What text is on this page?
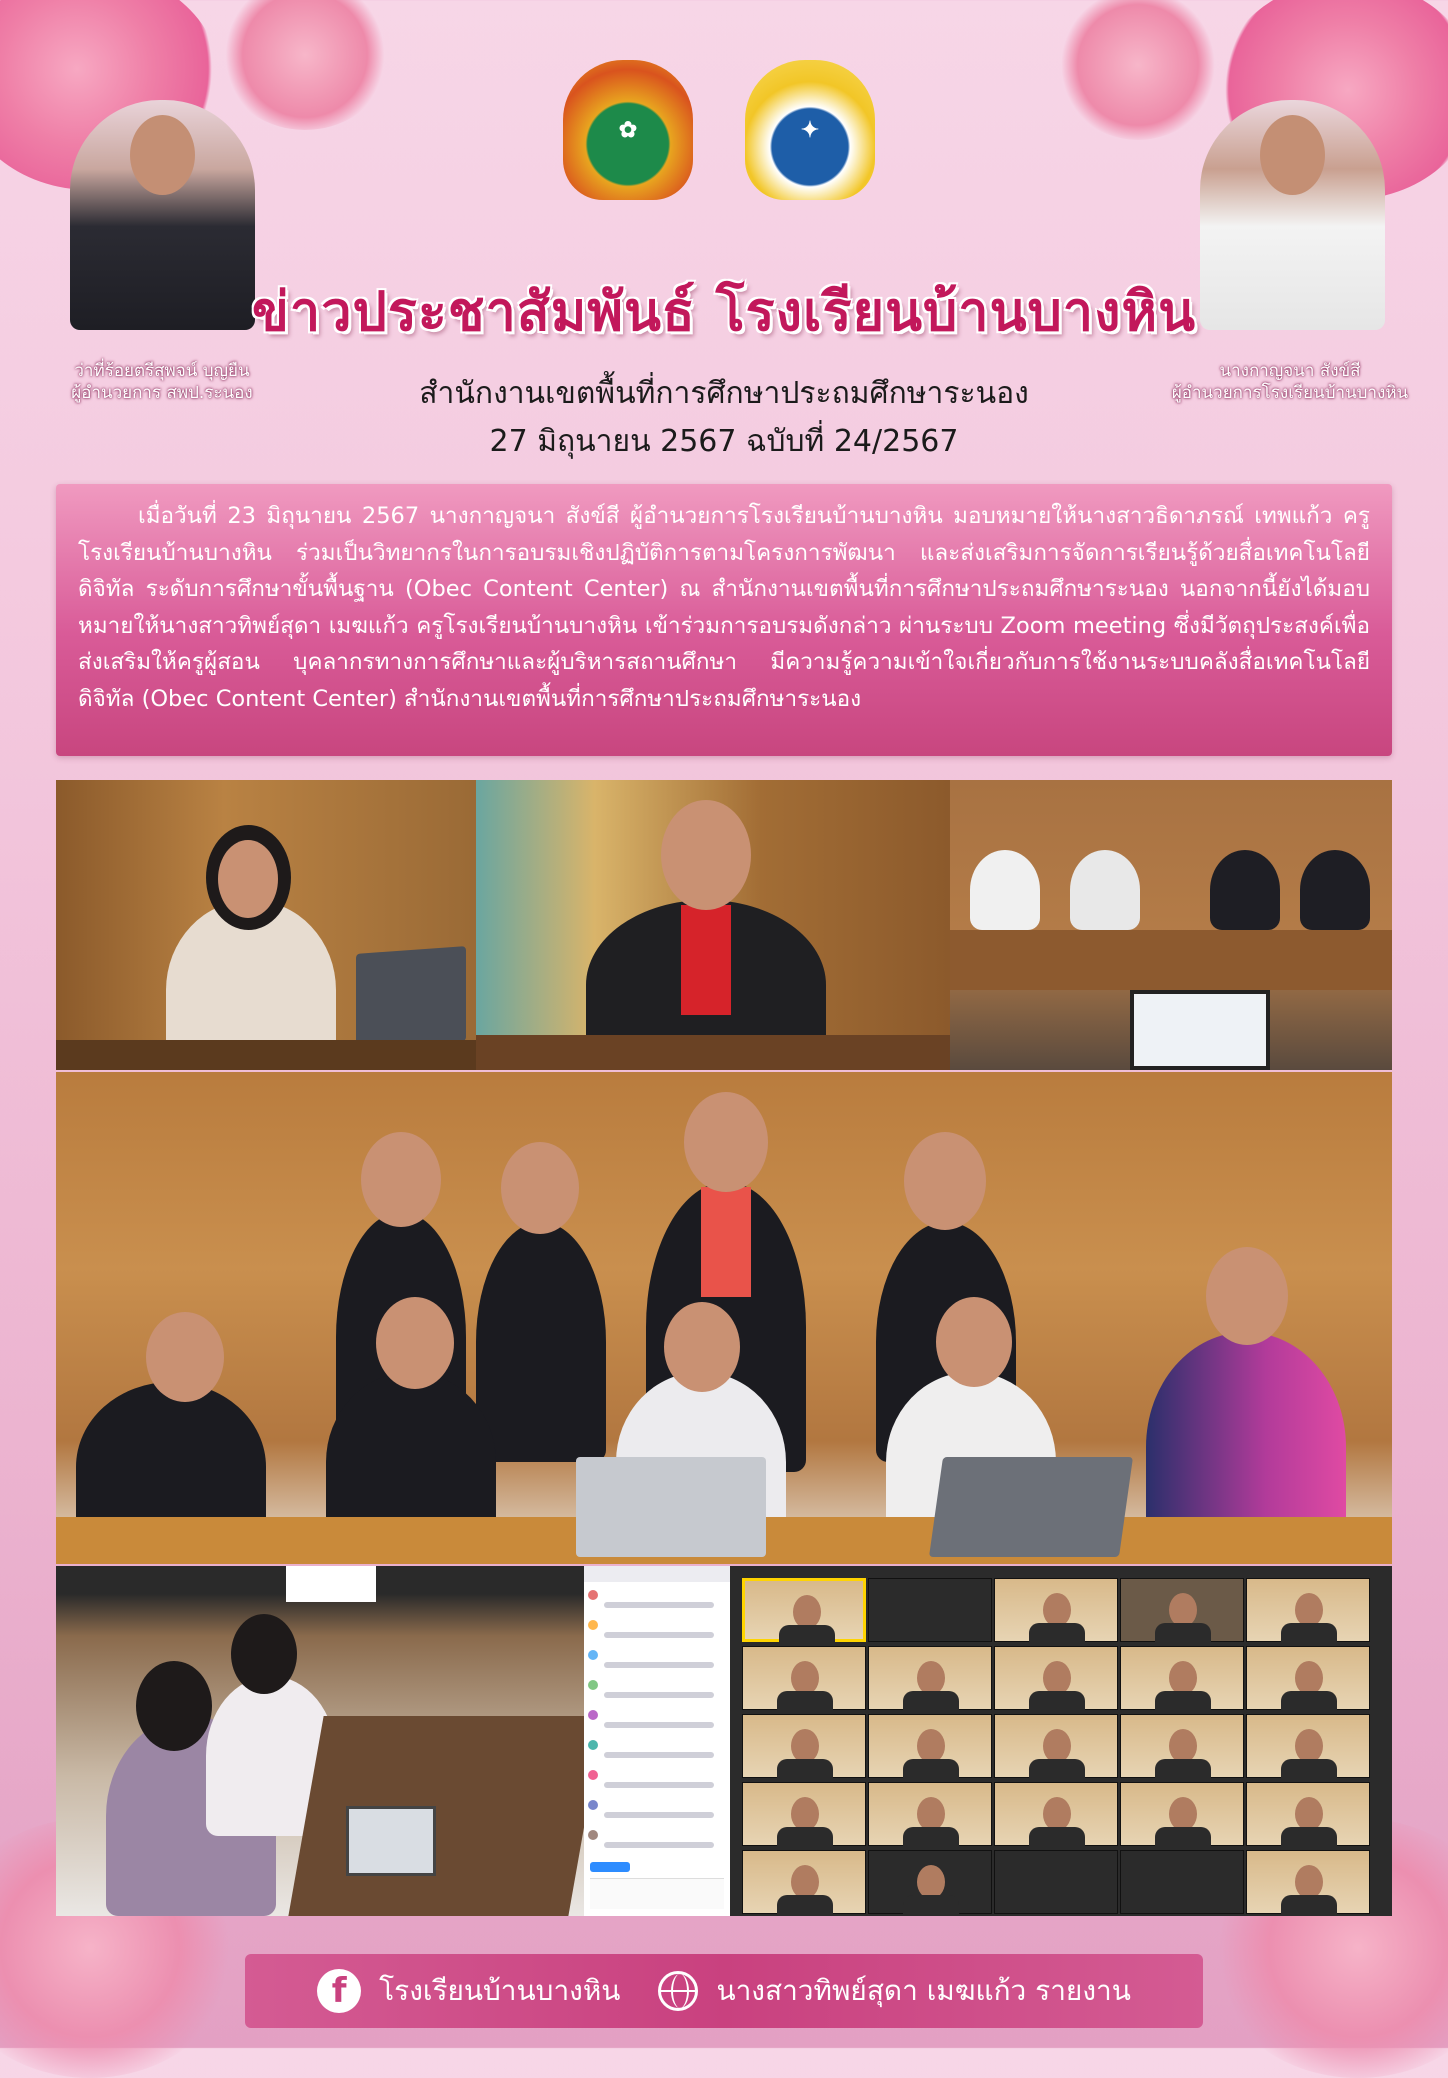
✿	✦
ว่าที่ร้อยตรีสุพจน์ บุญยืน
ผู้อำนวยการ สพป.ระนอง
นางกาญจนา สังข์สี
ผู้อำนวยการโรงเรียนบ้านบางหิน
ข่าวประชาสัมพันธ์ โรงเรียนบ้านบางหิน
สำนักงานเขตพื้นที่การศึกษาประถมศึกษาระนอง
27 มิถุนายน 2567 ฉบับที่ 24/2567

เมื่อวันที่ 23 มิถุนายน 2567 นางกาญจนา สังข์สี ผู้อำนวยการโรงเรียนบ้านบางหิน มอบหมายให้นางสาวธิดาภรณ์ เทพแก้ว ครูโรงเรียนบ้านบางหิน ร่วมเป็นวิทยากรในการอบรมเชิงปฏิบัติการตามโครงการพัฒนา และส่งเสริมการจัดการเรียนรู้ด้วยสื่อเทคโนโลยีดิจิทัล ระดับการศึกษาขั้นพื้นฐาน (Obec Content Center) ณ สำนักงานเขตพื้นที่การศึกษาประถมศึกษาระนอง นอกจากนี้ยังได้มอบหมายให้นางสาวทิพย์สุดา เมฆแก้ว ครูโรงเรียนบ้านบางหิน เข้าร่วมการอบรมดังกล่าว ผ่านระบบ Zoom meeting ซึ่งมีวัตถุประสงค์เพื่อส่งเสริมให้ครูผู้สอน บุคลากรทางการศึกษาและผู้บริหารสถานศึกษา มีความรู้ความเข้าใจเกี่ยวกับการใช้งานระบบคลังสื่อเทคโนโลยีดิจิทัล (Obec Content Center) สำนักงานเขตพื้นที่การศึกษาประถมศึกษาระนอง

f	โรงเรียนบ้านบางหิน	นางสาวทิพย์สุดา เมฆแก้ว รายงาน
